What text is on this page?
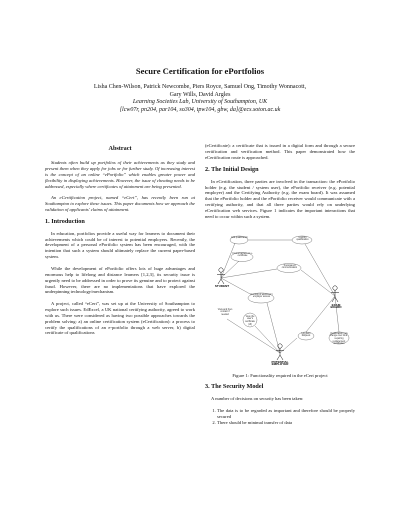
Secure Certification for ePortfolios
Lisha Chen-Wilson, Patrick Newcombe, Piers Royce, Samuel Ong, Timothy Wonnacott,
Gary Wills, David Argles
Learning Societies Lab, University of Southampton, UK
[lcw07r, pn204, par104, so304, tpw104, gbw, da]@ecs.soton.ac.uk
Abstract

Students often build up portfolios of their achievements as they study and present them when they apply for jobs or for further study. Of increasing interest is the concept of an online “ePortfolio” which enables greater power and flexibility in displaying achievements. However, the issue of cheating needs to be addressed, especially where certificates of attainment are being presented.

An eCertification project, named “eCert”, has recently been run at Southampton to explore these issues. This paper documents how we approach the validation of applicants' claims of attainment.

1. Introduction

In education, portfolios provide a useful way for learners to document their achievements which could be of interest to potential employers. Recently, the development of a personal ePortfolio system has been encouraged, with the intention that such a system should ultimately replace the current paper-based system.

While the development of ePortfolio offers lots of huge advantages and enormous help to lifelong and distance learners [1,2,3], its security issue is urgently need to be addressed in order to prove its genuine and to protect against fraud. However, there are no implementations that have explored the underpinning technology/mechanism.

A project, called “eCert”, was set up at the University of Southampton to explore such issues. EdExcel, a UK national certifying authority, agreed to work with us. There were considered as having two possible approaches towards the problem solving: a) an online certification system (eCertification): a process to certify the qualifications of an e-portfolio through a web server, b) digital certificate of qualifications

(eCertificate): a certificate that is issued in a digital form and through a secure certification and verification method. This paper demonstrated how the eCertification route is approached.

2. The Initial Design

In eCertification, three parties are involved in the transaction: the ePortfolio holder (e.g. the student / system user), the ePortfolio receiver (e.g. potential employer) and the Certifying Authority (e.g. the exam board). It was assumed that the ePortfolio holder and the ePortfolio receiver would communicate with a certifying authority, and that all three parties would rely on underlying eCertification web services. Figure 1 indicates the important interactions that need to occur within such a system.

Add qualification	Confirm qualification
Control access to e-certificate
Transparent communication
STUDENT
EXAM BOARD
Control (of electronic) employer access
View and then contact if needed
View the user's certificate (UI)
Log Item Request
Qualification may change over time - requiring replacement certificates
POTENTIAL EMPLOYER
Figure 1: Functionality required in the eCert project
3. The Security Model

A number of decisions on security has been taken:

1. The data is to be regarded as important and therefore should be properly secured
2. There should be minimal transfer of data
